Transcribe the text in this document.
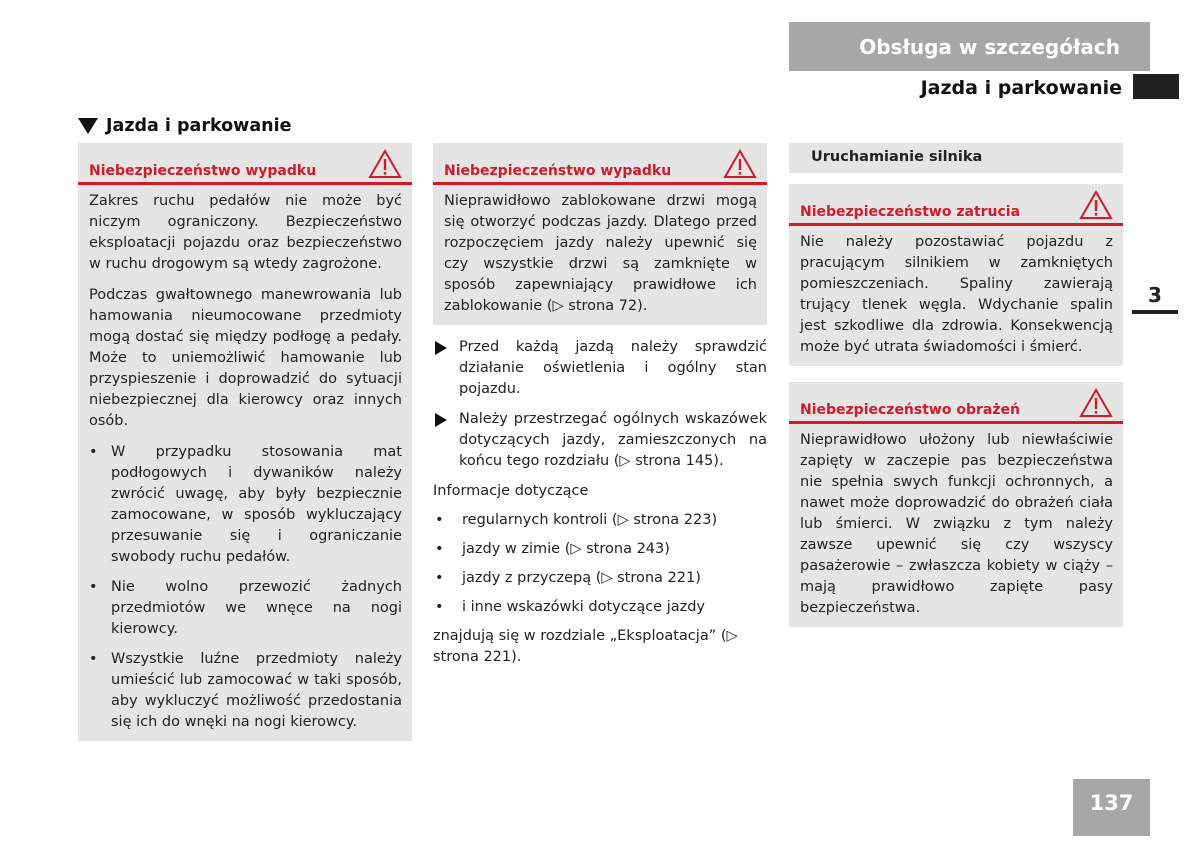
Obsługa w szczegółach
Jazda i parkowanie
3
137
Jazda i parkowanie
Niebezpieczeństwo wypadku

Zakres ruchu pedałów nie może być niczym ograniczony. Bezpieczeństwo eksploatacji pojazdu oraz bezpieczeństwo w ruchu drogowym są wtedy zagrożone.

Podczas gwałtownego manewrowania lub hamowania nieumocowane przedmioty mogą dostać się między podłogę a pedały. Może to uniemożliwić hamowanie lub przyspieszenie i doprowadzić do sytuacji niebezpiecznej dla kierowcy oraz innych osób.

• W przypadku stosowania mat podłogowych i dywaników należy zwrócić uwagę, aby były bezpiecznie zamocowane, w sposób wykluczający przesuwanie się i ograniczanie swobody ruchu pedałów.
• Nie wolno przewozić żadnych przedmiotów we wnęce na nogi kierowcy.
• Wszystkie luźne przedmioty należy umieścić lub zamocować w taki sposób, aby wykluczyć możliwość przedostania się ich do wnęki na nogi kierowcy.
Niebezpieczeństwo wypadku

Nieprawidłowo zablokowane drzwi mogą się otworzyć podczas jazdy. Dlatego przed rozpoczęciem jazdy należy upewnić się czy wszystkie drzwi są zamknięte w sposób zapewniający prawidłowe ich zablokowanie (▷ strona 72).

Przed każdą jazdą należy sprawdzić działanie oświetlenia i ogólny stan pojazdu.
Należy przestrzegać ogólnych wskazówek dotyczących jazdy, zamieszczonych na końcu tego rozdziału (▷ strona 145).
Informacje dotyczące
•	regularnych kontroli (▷ strona 223)
•	jazdy w zimie (▷ strona 243)
•	jazdy z przyczepą (▷ strona 221)
•	i inne wskazówki dotyczące jazdy
znajdują się w rozdziale „Eksploatacja” (▷ strona 221).
Uruchamianie silnika
Niebezpieczeństwo zatrucia

Nie należy pozostawiać pojazdu z pracującym silnikiem w zamkniętych pomieszczeniach. Spaliny zawierają trujący tlenek węgla. Wdychanie spalin jest szkodliwe dla zdrowia. Konsekwencją może być utrata świadomości i śmierć.

Niebezpieczeństwo obrażeń

Nieprawidłowo ułożony lub niewłaściwie zapięty w zaczepie pas bezpieczeństwa nie spełnia swych funkcji ochronnych, a nawet może doprowadzić do obrażeń ciała lub śmierci. W związku z tym należy zawsze upewnić się czy wszyscy pasażerowie – zwłaszcza kobiety w ciąży – mają prawidłowo zapięte pasy bezpieczeństwa.
